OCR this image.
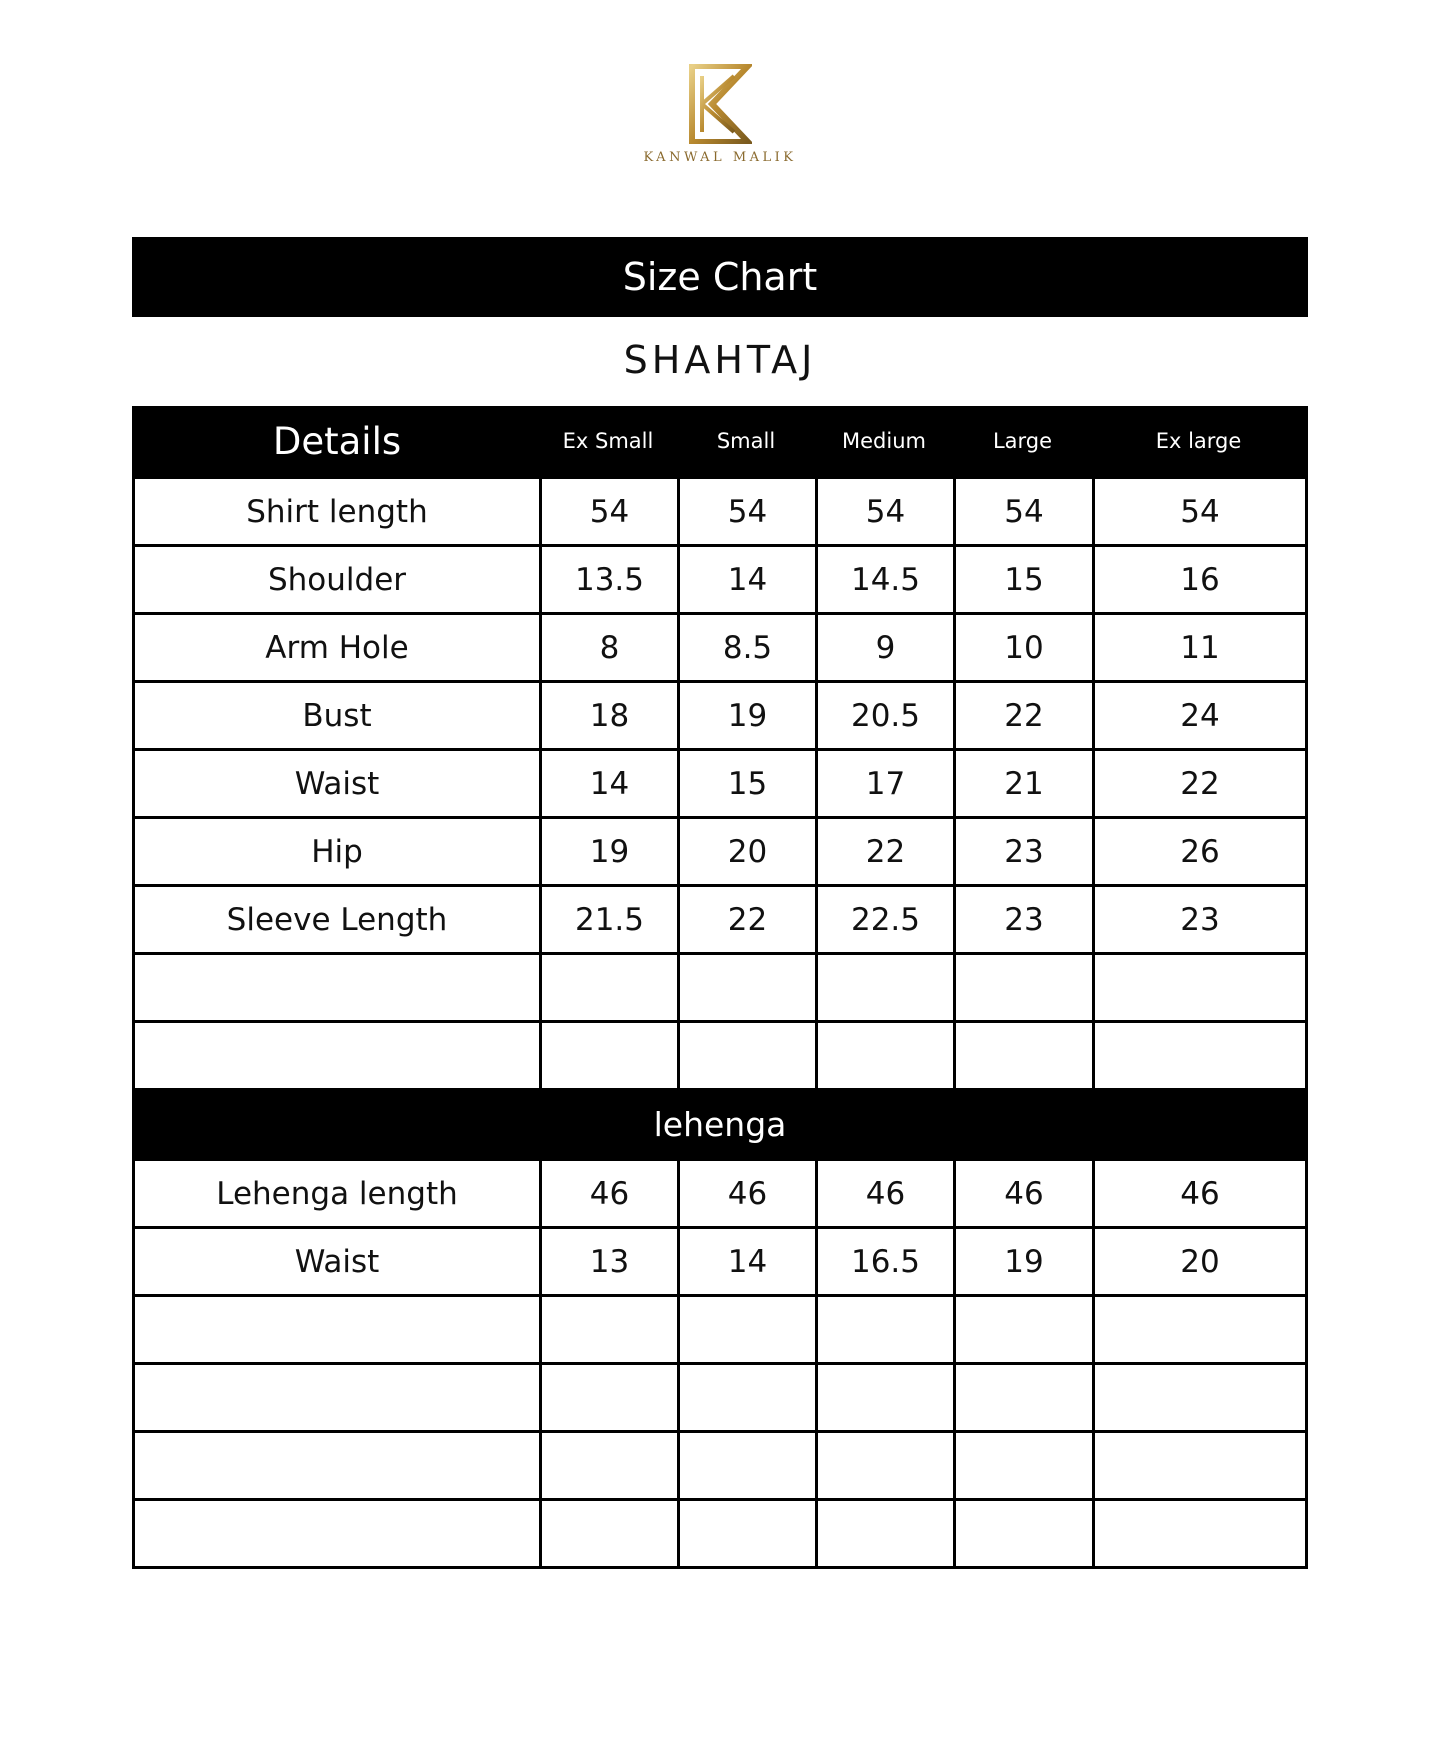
KANWAL MALIK
Size Chart
SHAHTAJ
Details	Ex Small	Small	Medium	Large	Ex large
Shirt length	54	54	54	54	54
Shoulder	13.5	14	14.5	15	16
Arm Hole	8	8.5	9	10	11
Bust	18	19	20.5	22	24
Waist	14	15	17	21	22
Hip	19	20	22	23	26
Sleeve Length	21.5	22	22.5	23	23
lehenga
Lehenga length	46	46	46	46	46
Waist	13	14	16.5	19	20
